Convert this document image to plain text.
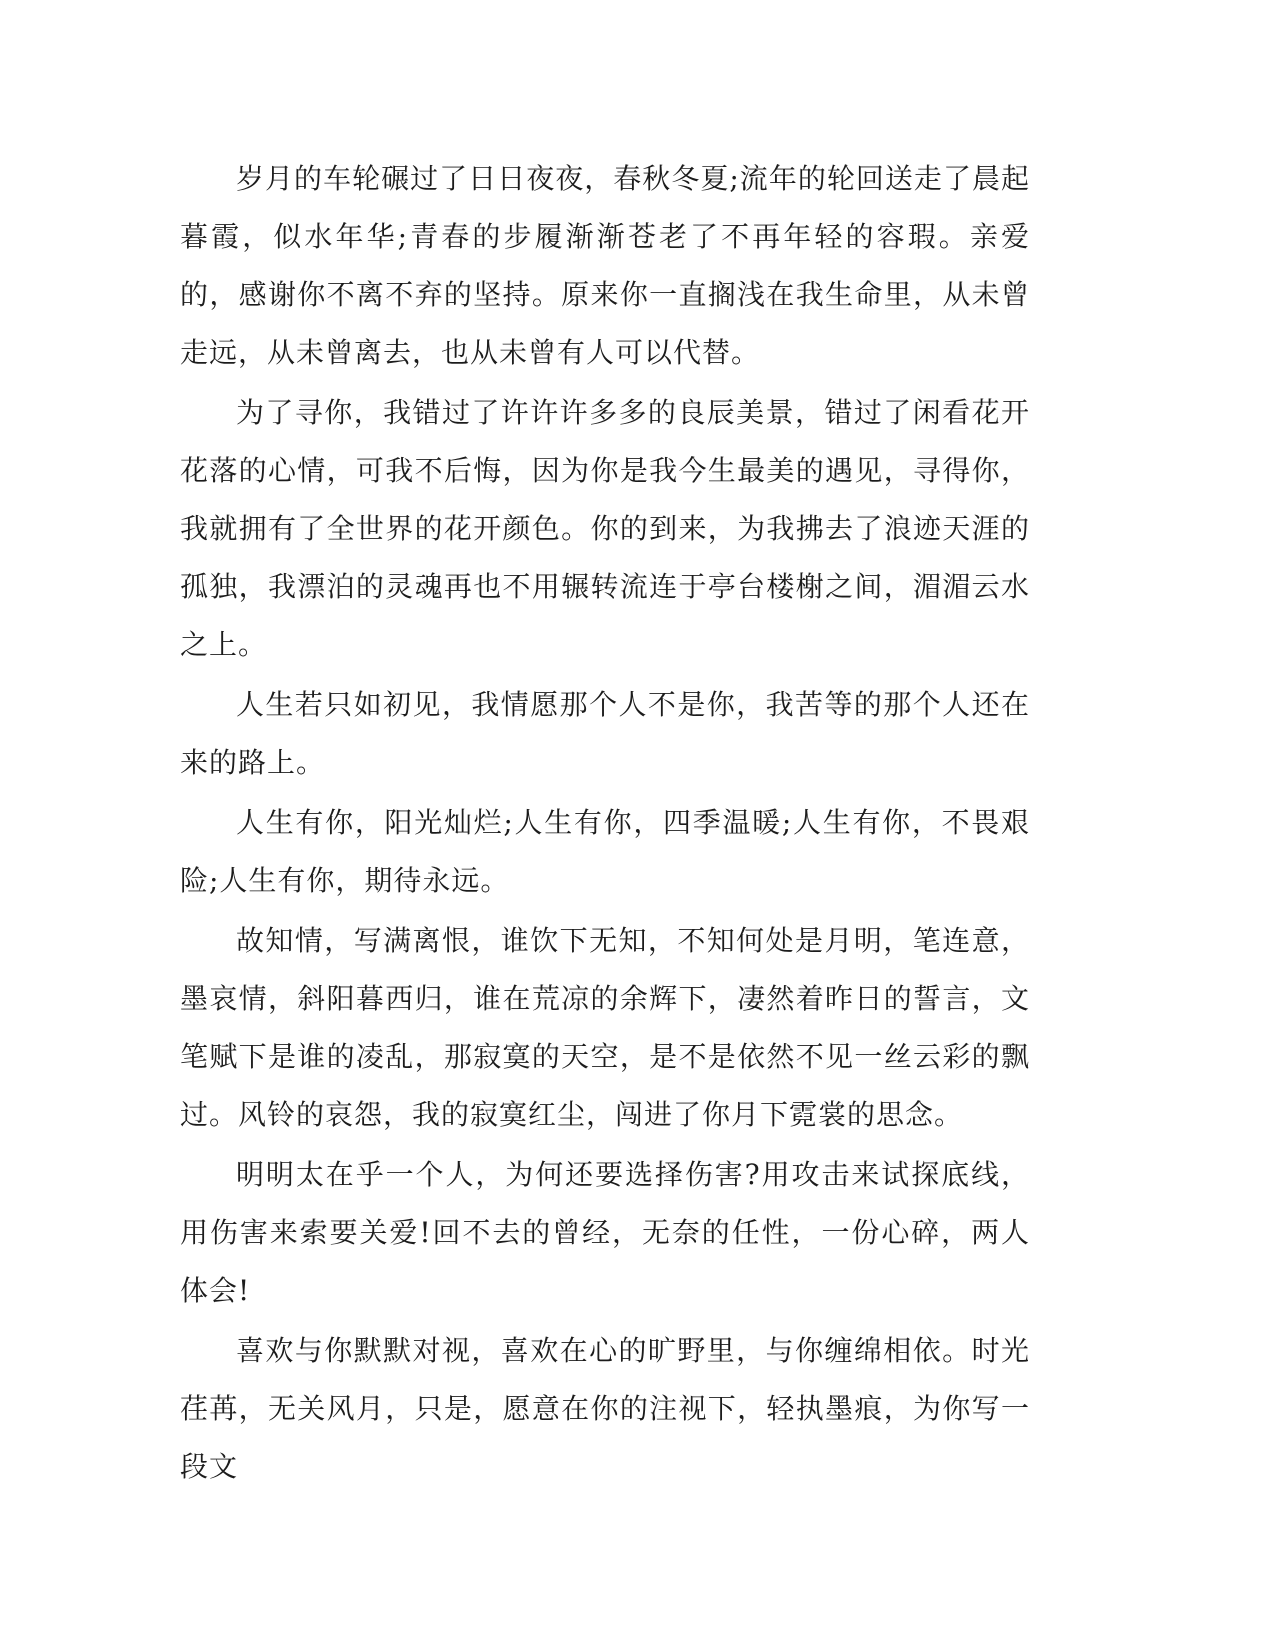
岁月的车轮碾过了日日夜夜，春秋冬夏;流年的轮回送走了晨起暮霞，似水年华;青春的步履渐渐苍老了不再年轻的容瑕。亲爱的，感谢你不离不弃的坚持。原来你一直搁浅在我生命里，从未曾走远，从未曾离去，也从未曾有人可以代替。

为了寻你，我错过了许许许多多的良辰美景，错过了闲看花开花落的心情，可我不后悔，因为你是我今生最美的遇见，寻得你，我就拥有了全世界的花开颜色。你的到来，为我拂去了浪迹天涯的孤独，我漂泊的灵魂再也不用辗转流连于亭台楼榭之间，湄湄云水之上。

人生若只如初见，我情愿那个人不是你，我苦等的那个人还在来的路上。

人生有你，阳光灿烂;人生有你，四季温暖;人生有你，不畏艰险;人生有你，期待永远。

故知情，写满离恨，谁饮下无知，不知何处是月明，笔连意，墨哀情，斜阳暮西归，谁在荒凉的余辉下，凄然着昨日的誓言，文笔赋下是谁的凌乱，那寂寞的天空，是不是依然不见一丝云彩的飘过。风铃的哀怨，我的寂寞红尘，闯进了你月下霓裳的思念。

明明太在乎一个人，为何还要选择伤害?用攻击来试探底线，用伤害来索要关爱!回不去的曾经，无奈的任性，一份心碎，两人体会!

喜欢与你默默对视，喜欢在心的旷野里，与你缠绵相依。时光荏苒，无关风月，只是，愿意在你的注视下，轻执墨痕，为你写一段文
